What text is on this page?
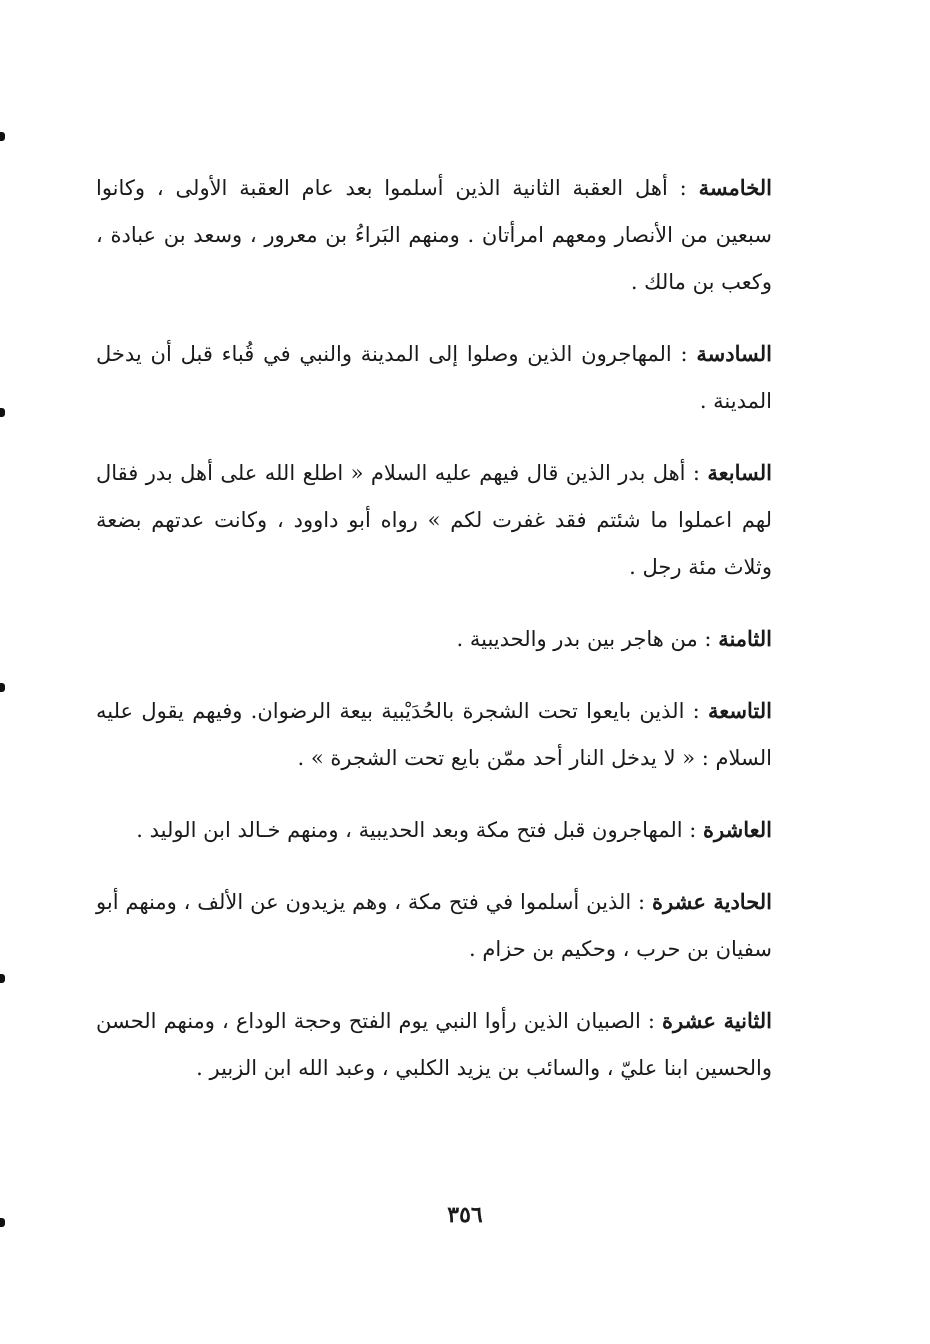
الخامسة : أهل العقبة الثانية الذين أسلموا بعد عام العقبة الأولى ، وكانوا سبعين من الأنصار ومعهم امرأتان . ومنهم البَراءُ بن معرور ، وسعد بن عبادة ، وكعب بن مالك .

السادسة : المهاجرون الذين وصلوا إلى المدينة والنبي في قُباء قبل أن يدخل المدينة .

السابعة : أهل بدر الذين قال فيهم عليه السلام « اطلع الله على أهل بدر فقال لهم اعملوا ما شئتم فقد غفرت لكم » رواه أبو داوود ، وكانت عدتهم بضعة وثلاث مئة رجل .

الثامنة : من هاجر بين بدر والحديبية .

التاسعة : الذين بايعوا تحت الشجرة بالحُدَيْبية بيعة الرضوان. وفيهم يقول عليه السلام : « لا يدخل النار أحد ممّن بايع تحت الشجرة » .

العاشرة : المهاجرون قبل فتح مكة وبعد الحديبية ، ومنهم خـالد ابن الوليد .

الحادية عشرة : الذين أسلموا في فتح مكة ، وهم يزيدون عن الألف ، ومنهم أبو سفيان بن حرب ، وحكيم بن حزام .

الثانية عشرة : الصبيان الذين رأوا النبي يوم الفتح وحجة الوداع ، ومنهم الحسن والحسين ابنا عليّ ، والسائب بن يزيد الكلبي ، وعبد الله ابن الزبير .

٣٥٦
